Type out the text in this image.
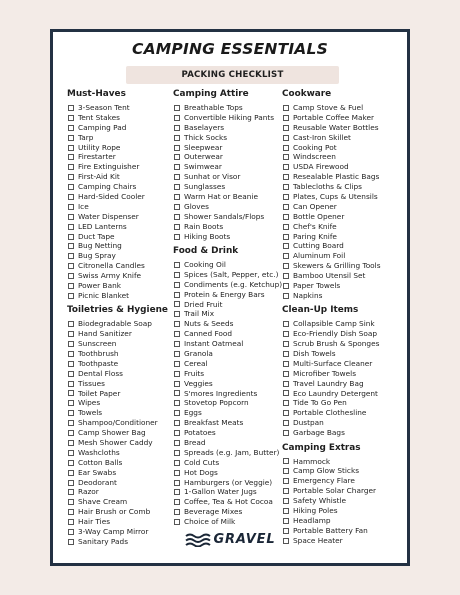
CAMPING ESSENTIALS
PACKING CHECKLIST
Must-Haves
3-Season Tent
Tent Stakes
Camping Pad
Tarp
Utility Rope
Firestarter
Fire Extinguisher
First-Aid Kit
Camping Chairs
Hard-Sided Cooler
Ice
Water Dispenser
LED Lanterns
Duct Tape
Bug Netting
Bug Spray
Citronella Candles
Swiss Army Knife
Power Bank
Picnic Blanket
Toiletries & Hygiene
Biodegradable Soap
Hand Sanitizer
Sunscreen
Toothbrush
Toothpaste
Dental Floss
Tissues
Toilet Paper
Wipes
Towels
Shampoo/Conditioner
Camp Shower Bag
Mesh Shower Caddy
Washcloths
Cotton Balls
Ear Swabs
Deodorant
Razor
Shave Cream
Hair Brush or Comb
Hair Ties
3-Way Camp Mirror
Sanitary Pads
Camping Attire
Breathable Tops
Convertible Hiking Pants
Baselayers
Thick Socks
Sleepwear
Outerwear
Swimwear
Sunhat or Visor
Sunglasses
Warm Hat or Beanie
Gloves
Shower Sandals/Flops
Rain Boots
Hiking Boots
Food & Drink
Cooking Oil
Spices (Salt, Pepper, etc.)
Condiments (e.g. Ketchup)
Protein & Energy Bars
Dried Fruit
Trail Mix
Nuts & Seeds
Canned Food
Instant Oatmeal
Granola
Cereal
Fruits
Veggies
S'mores Ingredients
Stovetop Popcorn
Eggs
Breakfast Meats
Potatoes
Bread
Spreads (e.g. Jam, Butter)
Cold Cuts
Hot Dogs
Hamburgers (or Veggie)
1-Gallon Water Jugs
Coffee, Tea & Hot Cocoa
Beverage Mixes
Choice of Milk
Cookware
Camp Stove & Fuel
Portable Coffee Maker
Reusable Water Bottles
Cast-Iron Skillet
Cooking Pot
Windscreen
USDA Firewood
Resealable Plastic Bags
Tablecloths & Clips
Plates, Cups & Utensils
Can Opener
Bottle Opener
Chef's Knife
Paring Knife
Cutting Board
Aluminum Foil
Skewers & Grilling Tools
Bamboo Utensil Set
Paper Towels
Napkins
Clean-Up Items
Collapsible Camp Sink
Eco-Friendly Dish Soap
Scrub Brush & Sponges
Dish Towels
Multi-Surface Cleaner
Microfiber Towels
Travel Laundry Bag
Eco Laundry Detergent
Tide To Go Pen
Portable Clothesline
Dustpan
Garbage Bags
Camping Extras
Hammock
Camp Glow Sticks
Emergency Flare
Portable Solar Charger
Safety Whistle
Hiking Poles
Headlamp
Portable Battery Fan
Space Heater
GRAVEL
